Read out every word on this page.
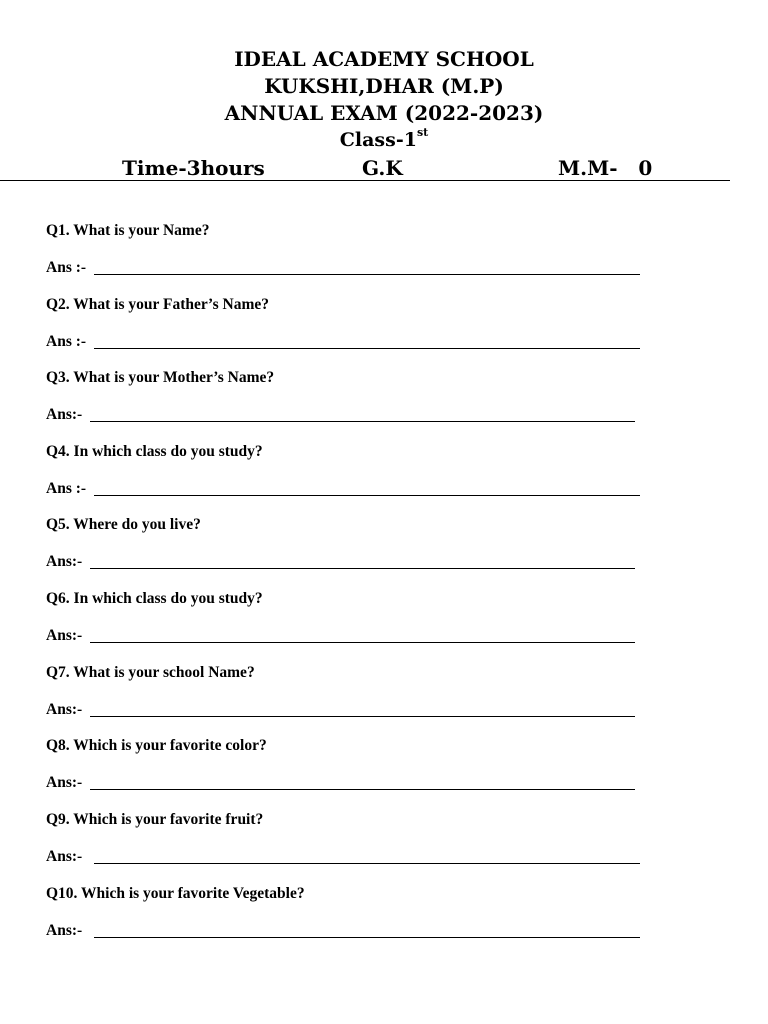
IDEAL ACADEMY SCHOOL
KUKSHI,DHAR (M.P)
ANNUAL EXAM (2022-2023)
Class-1st
Time-3hours	G.K	M.M-   0
Q1. What is your Name?
Ans :-
Q2. What is your Father’s Name?
Ans :-
Q3. What is your Mother’s Name?
Ans:-
Q4. In which class do you study?
Ans :-
Q5. Where do you live?
Ans:-
Q6. In which class do you study?
Ans:-
Q7. What is your school Name?
Ans:-
Q8. Which is your favorite color?
Ans:-
Q9. Which is your favorite fruit?
Ans:-
Q10. Which is your favorite Vegetable?
Ans:-
